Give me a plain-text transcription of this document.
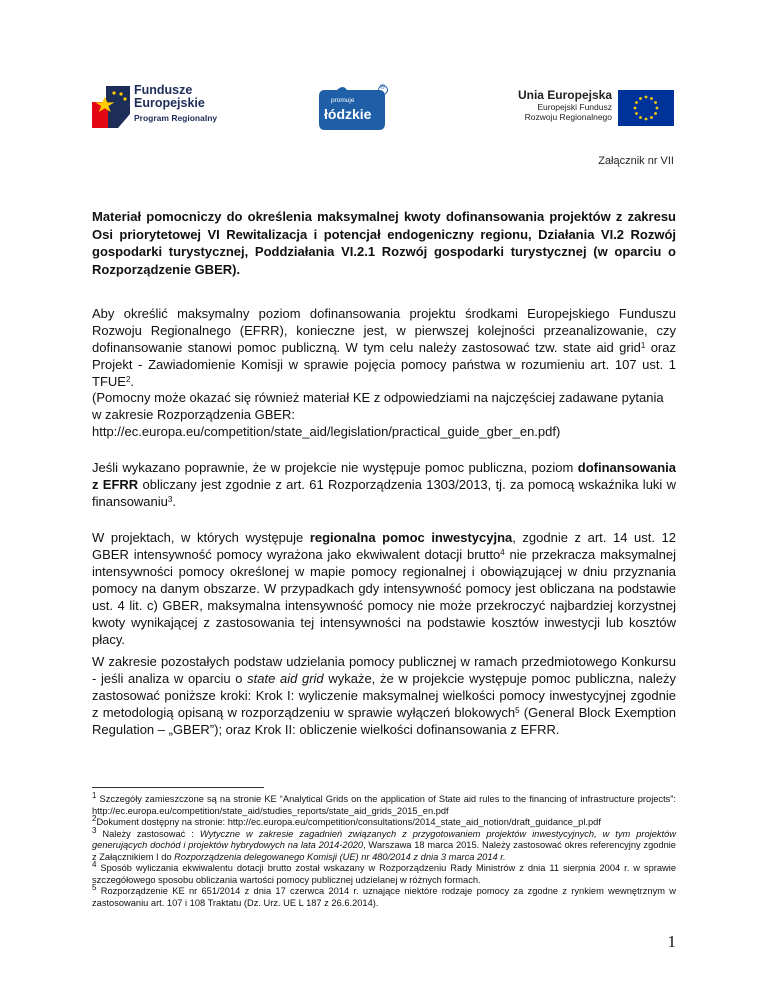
Fundusze
Europejskie
Program Regionalny
promuje
łódzkie
®
Unia Europejska
Europejski Fundusz
Rozwoju Regionalnego
Załącznik nr VII
Materiał pomocniczy do określenia maksymalnej kwoty dofinansowania projektów z zakresu Osi priorytetowej VI Rewitalizacja i potencjał endogeniczny regionu, Działania VI.2 Rozwój gospodarki turystycznej, Poddziałania VI.2.1 Rozwój gospodarki turystycznej (w oparciu o Rozporządzenie GBER).
Aby określić maksymalny poziom dofinansowania projektu środkami Europejskiego Funduszu Rozwoju Regionalnego (EFRR), konieczne jest, w pierwszej kolejności przeanalizowanie, czy dofinansowanie stanowi pomoc publiczną. W tym celu należy zastosować tzw. state aid grid$^1$ oraz Projekt - Zawiadomienie Komisji w sprawie pojęcia pomocy państwa w rozumieniu art. 107 ust. 1 TFUE$^2$.
(Pomocny może okazać się również materiał KE z odpowiedziami na najczęściej zadawane pytania w zakresie Rozporządzenia GBER:
http://ec.europa.eu/competition/state_aid/legislation/practical_guide_gber_en.pdf)
Jeśli wykazano poprawnie, że w projekcie nie występuje pomoc publiczna, poziom dofinansowania z EFRR obliczany jest zgodnie z art. 61 Rozporządzenia 1303/2013, tj. za pomocą wskaźnika luki w finansowaniu$^3$.
W projektach, w których występuje regionalna pomoc inwestycyjna, zgodnie z art. 14 ust. 12 GBER intensywność pomocy wyrażona jako ekwiwalent dotacji brutto$^4$ nie przekracza maksymalnej intensywności pomocy określonej w mapie pomocy regionalnej i obowiązującej w dniu przyznania pomocy na danym obszarze. W przypadkach gdy intensywność pomocy jest obliczana na podstawie ust. 4 lit. c) GBER, maksymalna intensywność pomocy nie może przekroczyć najbardziej korzystnej kwoty wynikającej z zastosowania tej intensywności na podstawie kosztów inwestycji lub kosztów płacy.
W zakresie pozostałych podstaw udzielania pomocy publicznej w ramach przedmiotowego Konkursu - jeśli analiza w oparciu o state aid grid wykaże, że w projekcie występuje pomoc publiczna, należy zastosować poniższe kroki: Krok I: wyliczenie maksymalnej wielkości pomocy inwestycyjnej zgodnie z metodologią opisaną w rozporządzeniu w sprawie wyłączeń blokowych$^5$ (General Block Exemption Regulation – „GBER”); oraz Krok II: obliczenie wielkości dofinansowania z EFRR.
$^1$ Szczegóły zamieszczone są na stronie KE “Analytical Grids on the application of State aid rules to the financing of infrastructure projects”: http://ec.europa.eu/competition/state_aid/studies_reports/state_aid_grids_2015_en.pdf
$^2$Dokument dostępny na stronie: http://ec.europa.eu/competition/consultations/2014_state_aid_notion/draft_guidance_pl.pdf
$^3$ Należy zastosować : Wytyczne w zakresie zagadnień związanych z przygotowaniem projektów inwestycyjnych, w tym projektów generujących dochód i projektów hybrydowych na lata 2014-2020, Warszawa 18 marca 2015. Należy zastosować okres referencyjny zgodnie z Załącznikiem I do Rozporządzenia delegowanego Komisji (UE) nr 480/2014 z dnia 3 marca 2014 r.
$^4$ Sposób wyliczania ekwiwalentu dotacji brutto został wskazany w Rozporządzeniu Rady Ministrów z dnia 11 sierpnia 2004 r. w sprawie szczegółowego sposobu obliczania wartości pomocy publicznej udzielanej w różnych formach.
$^5$ Rozporządzenie KE nr 651/2014 z dnia 17 czerwca 2014 r. uznające niektóre rodzaje pomocy za zgodne z rynkiem wewnętrznym w zastosowaniu art. 107 i 108 Traktatu (Dz. Urz. UE L 187 z 26.6.2014).
1
